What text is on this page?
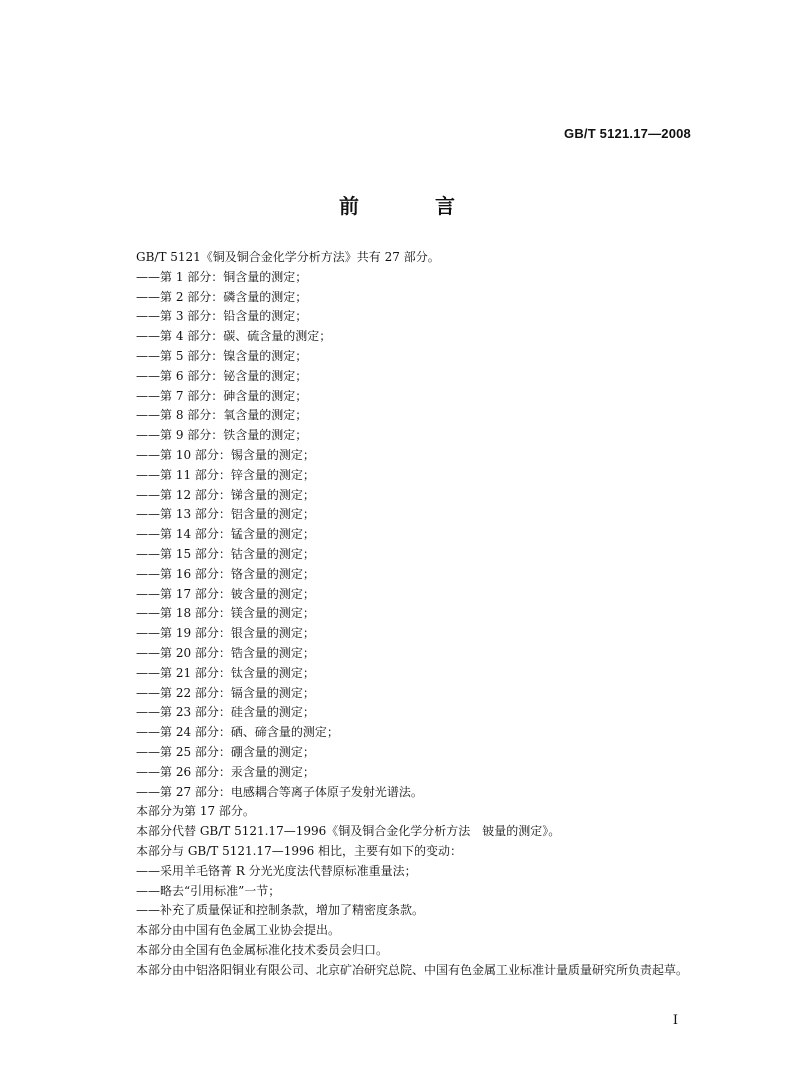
GB/T 5121.17—2008
前　言
GB/T 5121《铜及铜合金化学分析方法》共有 27 部分。
——第 1 部分：铜含量的测定；
——第 2 部分：磷含量的测定；
——第 3 部分：铅含量的测定；
——第 4 部分：碳、硫含量的测定；
——第 5 部分：镍含量的测定；
——第 6 部分：铋含量的测定；
——第 7 部分：砷含量的测定；
——第 8 部分：氧含量的测定；
——第 9 部分：铁含量的测定；
——第 10 部分：锡含量的测定；
——第 11 部分：锌含量的测定；
——第 12 部分：锑含量的测定；
——第 13 部分：铝含量的测定；
——第 14 部分：锰含量的测定；
——第 15 部分：钴含量的测定；
——第 16 部分：铬含量的测定；
——第 17 部分：铍含量的测定；
——第 18 部分：镁含量的测定；
——第 19 部分：银含量的测定；
——第 20 部分：锆含量的测定；
——第 21 部分：钛含量的测定；
——第 22 部分：镉含量的测定；
——第 23 部分：硅含量的测定；
——第 24 部分：硒、碲含量的测定；
——第 25 部分：硼含量的测定；
——第 26 部分：汞含量的测定；
——第 27 部分：电感耦合等离子体原子发射光谱法。
本部分为第 17 部分。
本部分代替 GB/T 5121.17—1996《铜及铜合金化学分析方法　铍量的测定》。
本部分与 GB/T 5121.17—1996 相比，主要有如下的变动：
——采用羊毛铬菁 R 分光光度法代替原标准重量法；
——略去“引用标准”一节；
——补充了质量保证和控制条款，增加了精密度条款。
本部分由中国有色金属工业协会提出。
本部分由全国有色金属标准化技术委员会归口。
本部分由中铝洛阳铜业有限公司、北京矿冶研究总院、中国有色金属工业标准计量质量研究所负责起草。
I
